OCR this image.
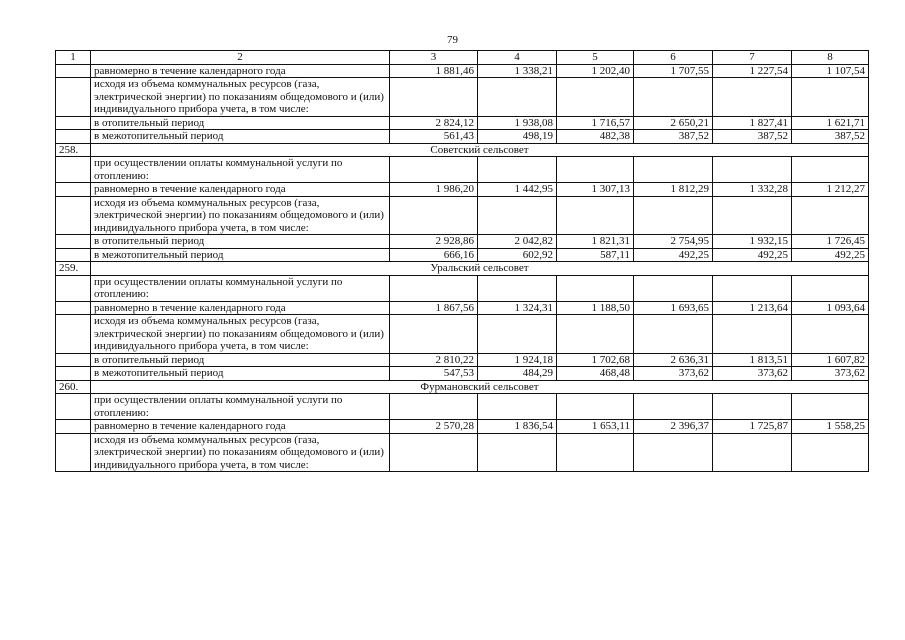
79
1	2	3	4	5	6	7	8
	равномерно в течение календарного года	1 881,46	1 338,21	1 202,40	1 707,55	1 227,54	1 107,54
	исходя из объема коммунальных ресурсов (газа, электрической энергии) по показаниям общедомового и (или) индивидуального прибора учета, в том числе:						
	в отопительный период	2 824,12	1 938,08	1 716,57	2 650,21	1 827,41	1 621,71
	в межотопительный период	561,43	498,19	482,38	387,52	387,52	387,52
258.	Советский сельсовет						
	при осуществлении оплаты коммунальной услуги по отоплению:						
	равномерно в течение календарного года	1 986,20	1 442,95	1 307,13	1 812,29	1 332,28	1 212,27
	исходя из объема коммунальных ресурсов (газа, электрической энергии) по показаниям общедомового и (или) индивидуального прибора учета, в том числе:						
	в отопительный период	2 928,86	2 042,82	1 821,31	2 754,95	1 932,15	1 726,45
	в межотопительный период	666,16	602,92	587,11	492,25	492,25	492,25
259.	Уральский сельсовет						
	при осуществлении оплаты коммунальной услуги по отоплению:						
	равномерно в течение календарного года	1 867,56	1 324,31	1 188,50	1 693,65	1 213,64	1 093,64
	исходя из объема коммунальных ресурсов (газа, электрической энергии) по показаниям общедомового и (или) индивидуального прибора учета, в том числе:						
	в отопительный период	2 810,22	1 924,18	1 702,68	2 636,31	1 813,51	1 607,82
	в межотопительный период	547,53	484,29	468,48	373,62	373,62	373,62
260.	Фурмановский сельсовет						
	при осуществлении оплаты коммунальной услуги по отоплению:						
	равномерно в течение календарного года	2 570,28	1 836,54	1 653,11	2 396,37	1 725,87	1 558,25
	исходя из объема коммунальных ресурсов (газа, электрической энергии) по показаниям общедомового и (или) индивидуального прибора учета, в том числе:						
